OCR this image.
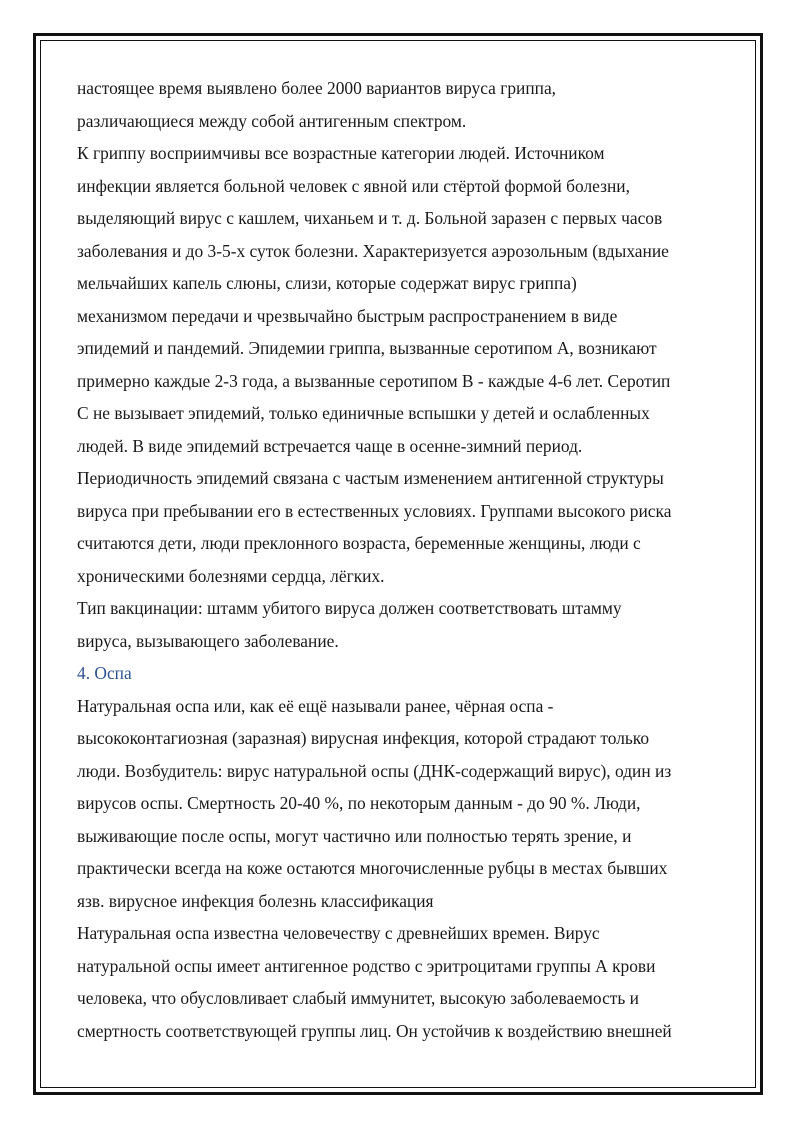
настоящее время выявлено более 2000 вариантов вируса гриппа,
различающиеся между собой антигенным спектром.
К гриппу восприимчивы все возрастные категории людей. Источником
инфекции является больной человек с явной или стёртой формой болезни,
выделяющий вирус с кашлем, чиханьем и т. д. Больной заразен с первых часов
заболевания и до 3-5-х суток болезни. Характеризуется аэрозольным (вдыхание
мельчайших капель слюны, слизи, которые содержат вирус гриппа)
механизмом передачи и чрезвычайно быстрым распространением в виде
эпидемий и пандемий. Эпидемии гриппа, вызванные серотипом А, возникают
примерно каждые 2-3 года, а вызванные серотипом В - каждые 4-6 лет. Серотип
С не вызывает эпидемий, только единичные вспышки у детей и ослабленных
людей. В виде эпидемий встречается чаще в осенне-зимний период.
Периодичность эпидемий связана с частым изменением антигенной структуры
вируса при пребывании его в естественных условиях. Группами высокого риска
считаются дети, люди преклонного возраста, беременные женщины, люди с
хроническими болезнями сердца, лёгких.
Тип вакцинации: штамм убитого вируса должен соответствовать штамму
вируса, вызывающего заболевание.
4. Оспа
Натуральная оспа или, как её ещё называли ранее, чёрная оспа -
высококонтагиозная (заразная) вирусная инфекция, которой страдают только
люди. Возбудитель: вирус натуральной оспы (ДНК-содержащий вирус), один из
вирусов оспы. Смертность 20-40 %, по некоторым данным - до 90 %. Люди,
выживающие после оспы, могут частично или полностью терять зрение, и
практически всегда на коже остаются многочисленные рубцы в местах бывших
язв. вирусное инфекция болезнь классификация
Натуральная оспа известна человечеству с древнейших времен. Вирус
натуральной оспы имеет антигенное родство с эритроцитами группы А крови
человека, что обусловливает слабый иммунитет, высокую заболеваемость и
смертность соответствующей группы лиц. Он устойчив к воздействию внешней
